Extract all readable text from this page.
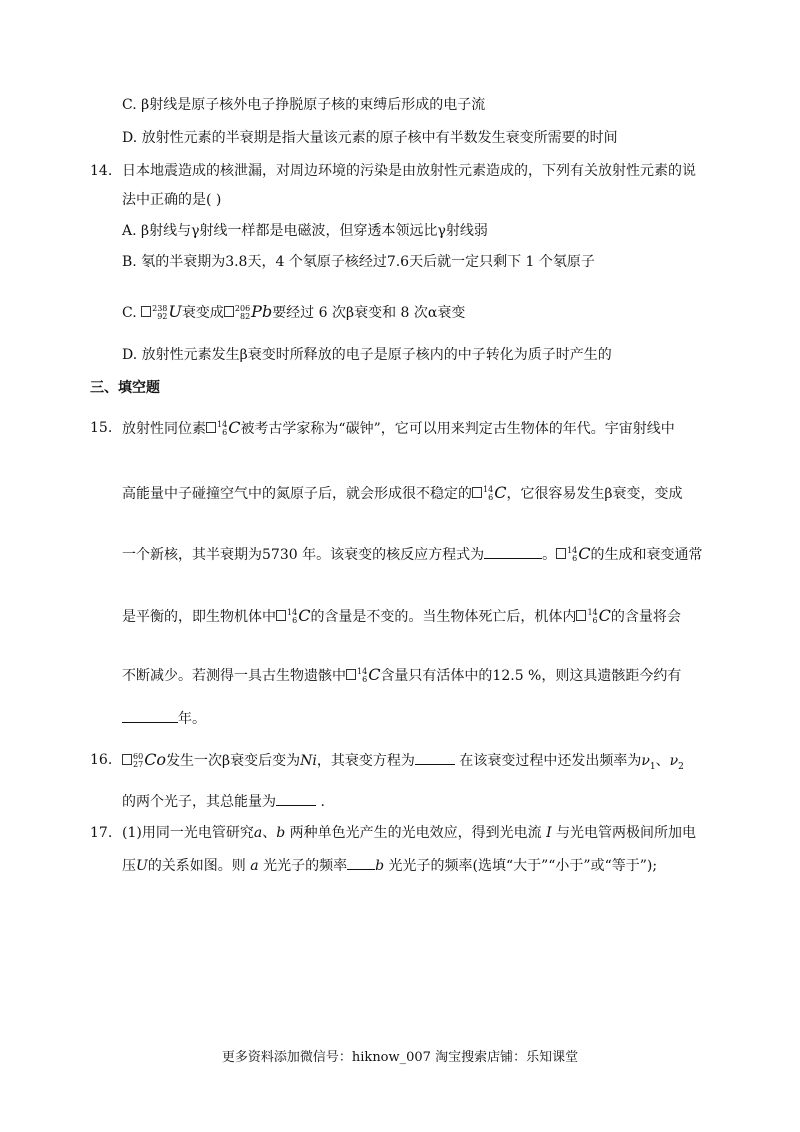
C. β射线是原子核外电子挣脱原子核的束缚后形成的电子流
D. 放射性元素的半衰期是指大量该元素的原子核中有半数发生衰变所需要的时间
14. 日本地震造成的核泄漏，对周边环境的污染是由放射性元素造成的，下列有关放射性元素的说
法中正确的是( )
A. β射线与γ射线一样都是电磁波，但穿透本领远比γ射线弱
B. 氡的半衰期为3.8天，4 个氡原子核经过7.6天后就一定只剩下 1 个氡原子
C. 238
92 U衰变成 206
82 Pb要经过 6 次β衰变和 8 次α衰变
D. 放射性元素发生β衰变时所释放的电子是原子核内的中子转化为质子时产生的
三、填空题
15. 放射性同位素 14
6 C被考古学家称为“碳钟”，它可以用来判定古生物体的年代。宇宙射线中
高能量中子碰撞空气中的氮原子后，就会形成很不稳定的 14
6 C，它很容易发生β衰变，变成
一个新核，其半衰期为5730 年。该衰变的核反应方程式为	。 14
6 C的生成和衰变通常
是平衡的，即生物机体中 14
6 C的含量是不变的。当生物体死亡后，机体内 14
6 C的含量将会
不断减少。若测得一具古生物遗骸中 14
6 C含量只有活体中的12.5 %，则这具遗骸距今约有
年。
16.	60
27 Co发生一次β衰变后变为Ni，其衰变方程为	在该衰变过程中还发出频率为$\nu_1$、$\nu_2$
的两个光子，其总能量为	.
17. (1)用同一光电管研究a、b 两种单色光产生的光电效应，得到光电流 I 与光电管两极间所加电
压U的关系如图。则 a 光光子的频率 b 光光子的频率(选填“大于”“小于”或“等于”);
更多资料添加微信号：hiknow_007 淘宝搜索店铺：乐知课堂
